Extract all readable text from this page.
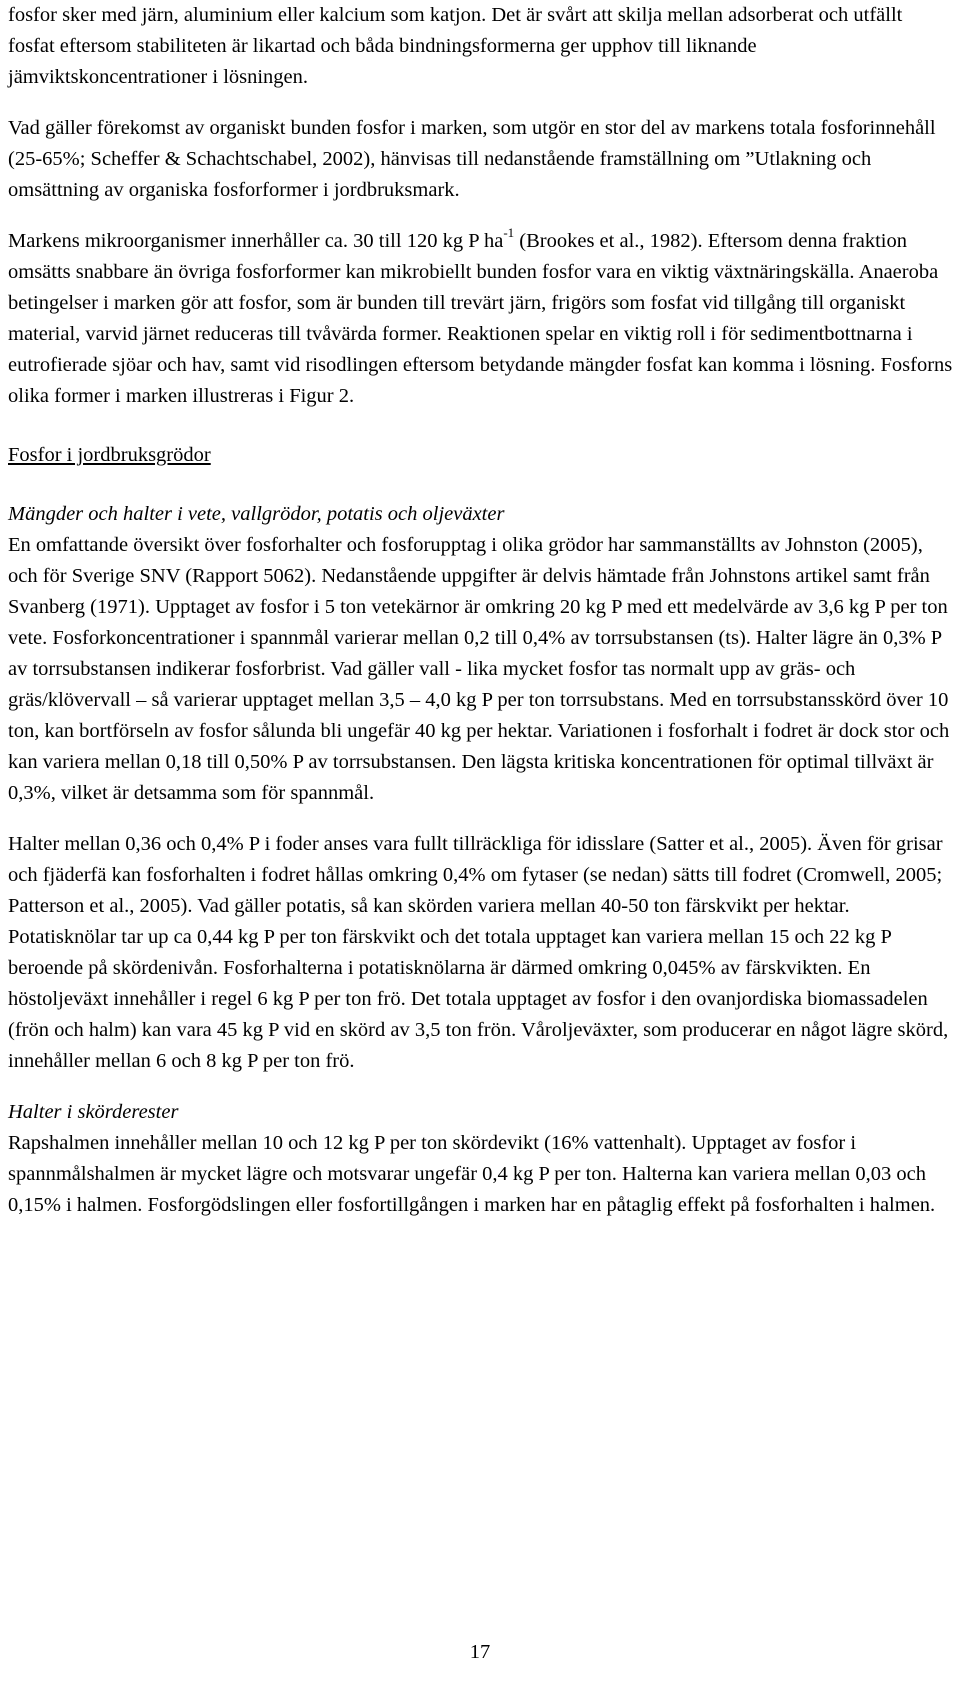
fosfor sker med järn, aluminium eller kalcium som katjon. Det är svårt att skilja mellan adsorberat och utfällt fosfat eftersom stabiliteten är likartad och båda bindningsformerna ger upphov till liknande jämviktskoncentrationer i lösningen.

Vad gäller förekomst av organiskt bunden fosfor i marken, som utgör en stor del av markens totala fosforinnehåll (25-65%; Scheffer & Schachtschabel, 2002), hänvisas till nedanstående framställning om ”Utlakning och omsättning av organiska fosforformer i jordbruksmark.

Markens mikroorganismer innerhåller ca. 30 till 120 kg P $ha^{-1}$ (Brookes et al., 1982). Eftersom denna fraktion omsätts snabbare än övriga fosforformer kan mikrobiellt bunden fosfor vara en viktig växtnäringskälla. Anaeroba betingelser i marken gör att fosfor, som är bunden till trevärt järn, frigörs som fosfat vid tillgång till organiskt material, varvid järnet reduceras till tvåvärda former. Reaktionen spelar en viktig roll i för sedimentbottnarna i eutrofierade sjöar och hav, samt vid risodlingen eftersom betydande mängder fosfat kan komma i lösning. Fosforns olika former i marken illustreras i Figur 2.

Fosfor i jordbruksgrödor

Mängder och halter i vete, vallgrödor, potatis och oljeväxter

En omfattande översikt över fosforhalter och fosforupptag i olika grödor har sammanställts av Johnston (2005), och för Sverige SNV (Rapport 5062). Nedanstående uppgifter är delvis hämtade från Johnstons artikel samt från Svanberg (1971). Upptaget av fosfor i 5 ton vetekärnor är omkring 20 kg P med ett medelvärde av 3,6 kg P per ton vete. Fosforkoncentrationer i spannmål varierar mellan 0,2 till 0,4% av torrsubstansen (ts). Halter lägre än 0,3% P av torrsubstansen indikerar fosforbrist. Vad gäller vall - lika mycket fosfor tas normalt upp av gräs- och gräs/klövervall – så varierar upptaget mellan 3,5 – 4,0 kg P per ton torrsubstans. Med en torrsubstansskörd över 10 ton, kan bortförseln av fosfor sålunda bli ungefär 40 kg per hektar. Variationen i fosforhalt i fodret är dock stor och kan variera mellan 0,18 till 0,50% P av torrsubstansen. Den lägsta kritiska koncentrationen för optimal tillväxt är 0,3%, vilket är detsamma som för spannmål.

Halter mellan 0,36 och 0,4% P i foder anses vara fullt tillräckliga för idisslare (Satter et al., 2005). Även för grisar och fjäderfä kan fosforhalten i fodret hållas omkring 0,4% om fytaser (se nedan) sätts till fodret (Cromwell, 2005; Patterson et al., 2005). Vad gäller potatis, så kan skörden variera mellan 40-50 ton färskvikt per hektar. Potatisknölar tar up ca 0,44 kg P per ton färskvikt och det totala upptaget kan variera mellan 15 och 22 kg P beroende på skördenivån. Fosforhalterna i potatisknölarna är därmed omkring 0,045% av färskvikten. En höstoljeväxt innehåller i regel 6 kg P per ton frö. Det totala upptaget av fosfor i den ovanjordiska biomassadelen (frön och halm) kan vara 45 kg P vid en skörd av 3,5 ton frön. Våroljeväxter, som producerar en något lägre skörd, innehåller mellan 6 och 8 kg P per ton frö.

Halter i skörderester

Rapshalmen innehåller mellan 10 och 12 kg P per ton skördevikt (16% vattenhalt). Upptaget av fosfor i spannmålshalmen är mycket lägre och motsvarar ungefär 0,4 kg P per ton. Halterna kan variera mellan 0,03 och 0,15% i halmen. Fosforgödslingen eller fosfortillgången i marken har en påtaglig effekt på fosforhalten i halmen.

17
